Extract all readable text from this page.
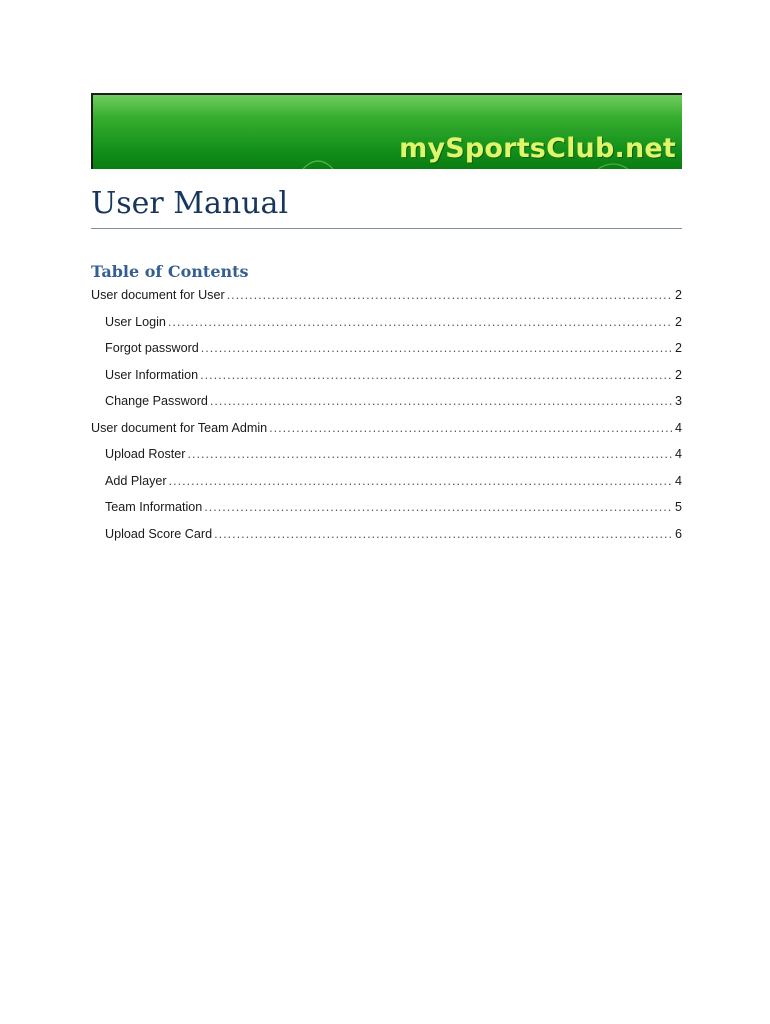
mySportsClub.net
User Manual
Table of Contents
User document for User .....	2
User Login .....	2
Forgot password .....	2
User Information .....	2
Change Password .....	3
User document for Team Admin .....	4
Upload Roster .....	4
Add Player .....	4
Team Information .....	5
Upload Score Card .....	6
